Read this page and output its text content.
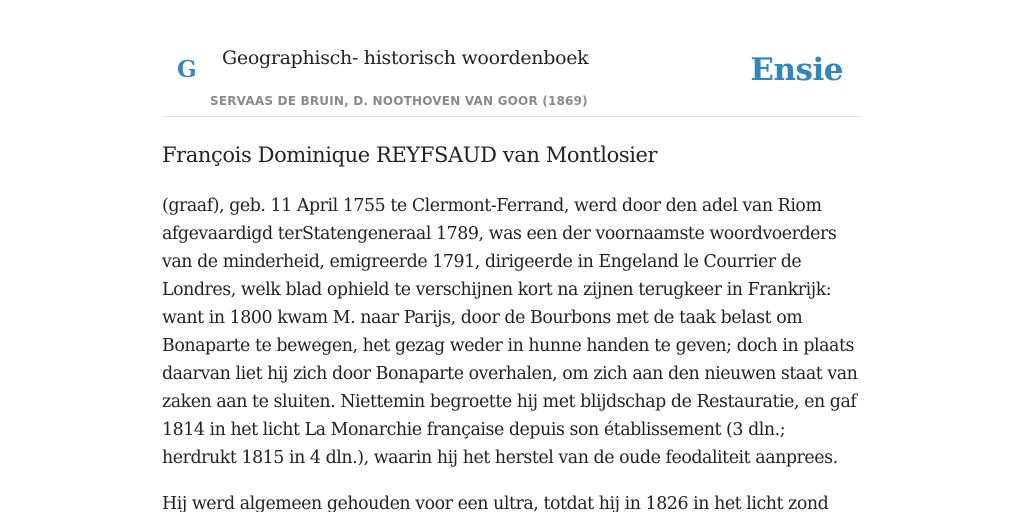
G Geographisch- historisch woordenboek
SERVAAS DE BRUIN, D. NOOTHOVEN VAN GOOR (1869)
Ensie
François Dominique REYFSAUD van Montlosier

(graaf), geb. 11 April 1755 te Clermont-Ferrand, werd door den adel van Riom afgevaardigd terStatengeneraal 1789, was een der voornaamste woordvoerders van de minderheid, emigreerde 1791, dirigeerde in Engeland le Courrier de Londres, welk blad ophield te verschijnen kort na zijnen terugkeer in Frankrijk: want in 1800 kwam M. naar Parijs, door de Bourbons met de taak belast om Bonaparte te bewegen, het gezag weder in hunne handen te geven; doch in plaats daarvan liet hij zich door Bonaparte overhalen, om zich aan den nieuwen staat van zaken aan te sluiten. Niettemin begroette hij met blijdschap de Restauratie, en gaf 1814 in het licht La Monarchie française depuis son établissement (3 dln.; herdrukt 1815 in 4 dln.), waarin hij het herstel van de oude feodaliteit aanprees.

Hij werd algemeen gehouden voor een ultra, totdat hij in 1826 in het licht zond
